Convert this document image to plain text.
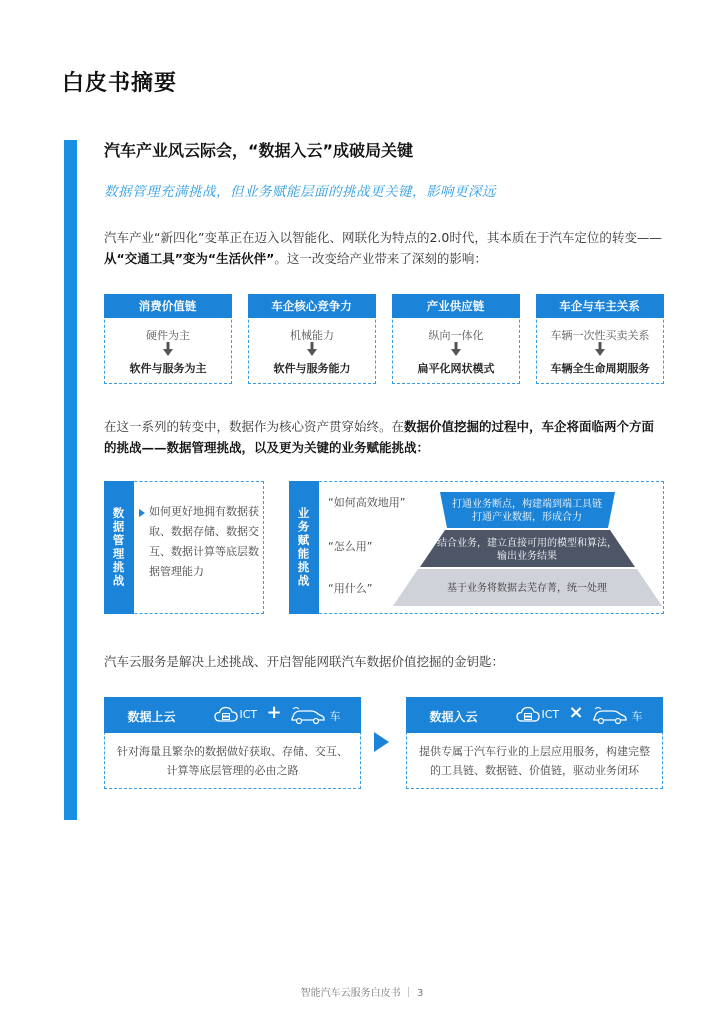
白皮书摘要
汽车产业风云际会，“数据入云”成破局关键
数据管理充满挑战，但业务赋能层面的挑战更关键，影响更深远
汽车产业“新四化”变革正在迈入以智能化、网联化为特点的2.0时代，其本质在于汽车定位的转变——从“交通工具”变为“生活伙伴”。这一改变给产业带来了深刻的影响：
消费价值链
硬件为主
软件与服务为主
车企核心竞争力
机械能力
软件与服务能力
产业供应链
纵向一体化
扁平化网状模式
车企与车主关系
车辆一次性买卖关系
车辆全生命周期服务
在这一系列的转变中，数据作为核心资产贯穿始终。在数据价值挖掘的过程中，车企将面临两个方面的挑战——数据管理挑战，以及更为关键的业务赋能挑战：
数据管理挑战	如何更好地拥有数据获取、数据存储、数据交互、数据计算等底层数据管理能力	业务赋能挑战
“如何高效地用”
“怎么用”
“用什么”
打通业务断点，构建端到端工具链
打通产业数据，形成合力
结合业务，建立直接可用的模型和算法，
输出业务结果
基于业务将数据去芜存菁，统一处理
汽车云服务是解决上述挑战、开启智能网联汽车数据价值挖掘的金钥匙：
数据上云	ICT +	车
针对海量且繁杂的数据做好获取、存储、交互、计算等底层管理的必由之路
数据入云	ICT ×	车
提供专属于汽车行业的上层应用服务，构建完整的工具链、数据链、价值链，驱动业务闭环
智能汽车云服务白皮书 ｜ 3
